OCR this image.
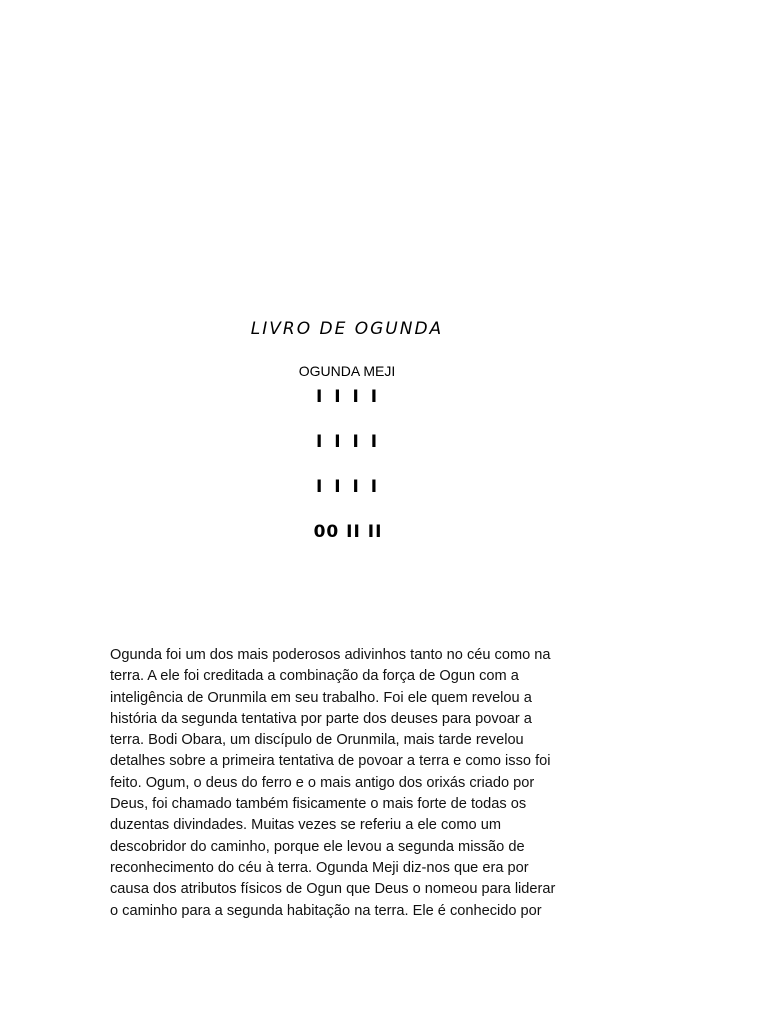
LIVRO DE OGUNDA
OGUNDA MEJI
I I I I
I I I I
I I I I
00 II II

Ogunda foi um dos mais poderosos adivinhos tanto no céu como na
terra. A ele foi creditada a combinação da força de Ogun com a
inteligência de Orunmila em seu trabalho. Foi ele quem revelou a
história da segunda tentativa por parte dos deuses para povoar a
terra. Bodi Obara, um discípulo de Orunmila, mais tarde revelou
detalhes sobre a primeira tentativa de povoar a terra e como isso foi
feito. Ogum, o deus do ferro e o mais antigo dos orixás criado por
Deus, foi chamado também fisicamente o mais forte de todas os
duzentas divindades. Muitas vezes se referiu a ele como um
descobridor do caminho, porque ele levou a segunda missão de
reconhecimento do céu à terra. Ogunda Meji diz-nos que era por
causa dos atributos físicos de Ogun que Deus o nomeou para liderar
o caminho para a segunda habitação na terra. Ele é conhecido por
